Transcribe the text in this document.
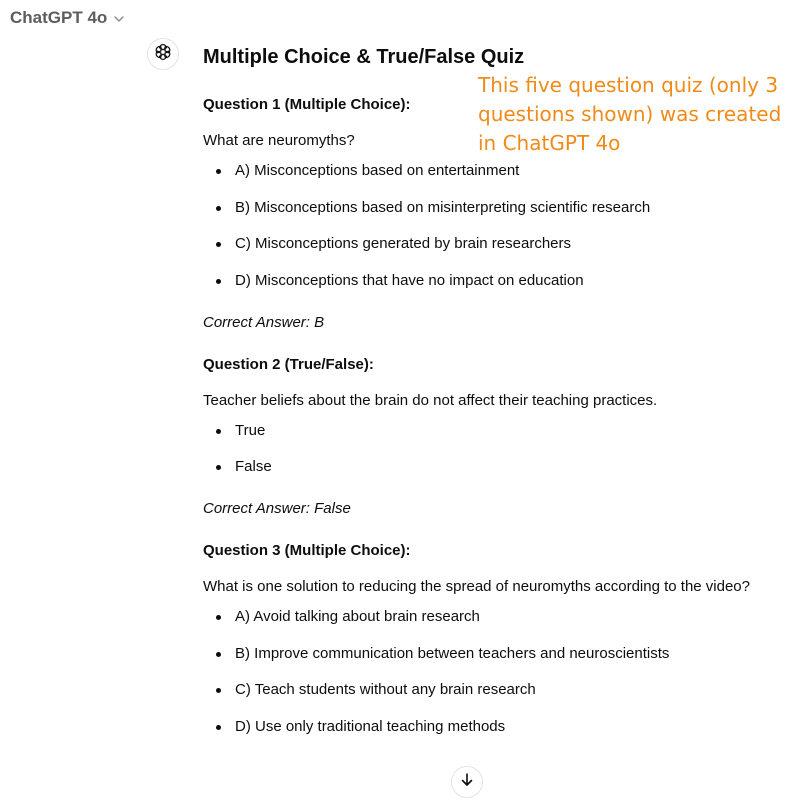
ChatGPT 4o
Multiple Choice & True/False Quiz
Question 1 (Multiple Choice):
What are neuromyths?
A) Misconceptions based on entertainment
B) Misconceptions based on misinterpreting scientific research
C) Misconceptions generated by brain researchers
D) Misconceptions that have no impact on education
Correct Answer: B
Question 2 (True/False):
Teacher beliefs about the brain do not affect their teaching practices.
True
False
Correct Answer: False
Question 3 (Multiple Choice):
What is one solution to reducing the spread of neuromyths according to the video?
A) Avoid talking about brain research
B) Improve communication between teachers and neuroscientists
C) Teach students without any brain research
D) Use only traditional teaching methods
This five question quiz (only 3 questions shown) was created in ChatGPT 4o
